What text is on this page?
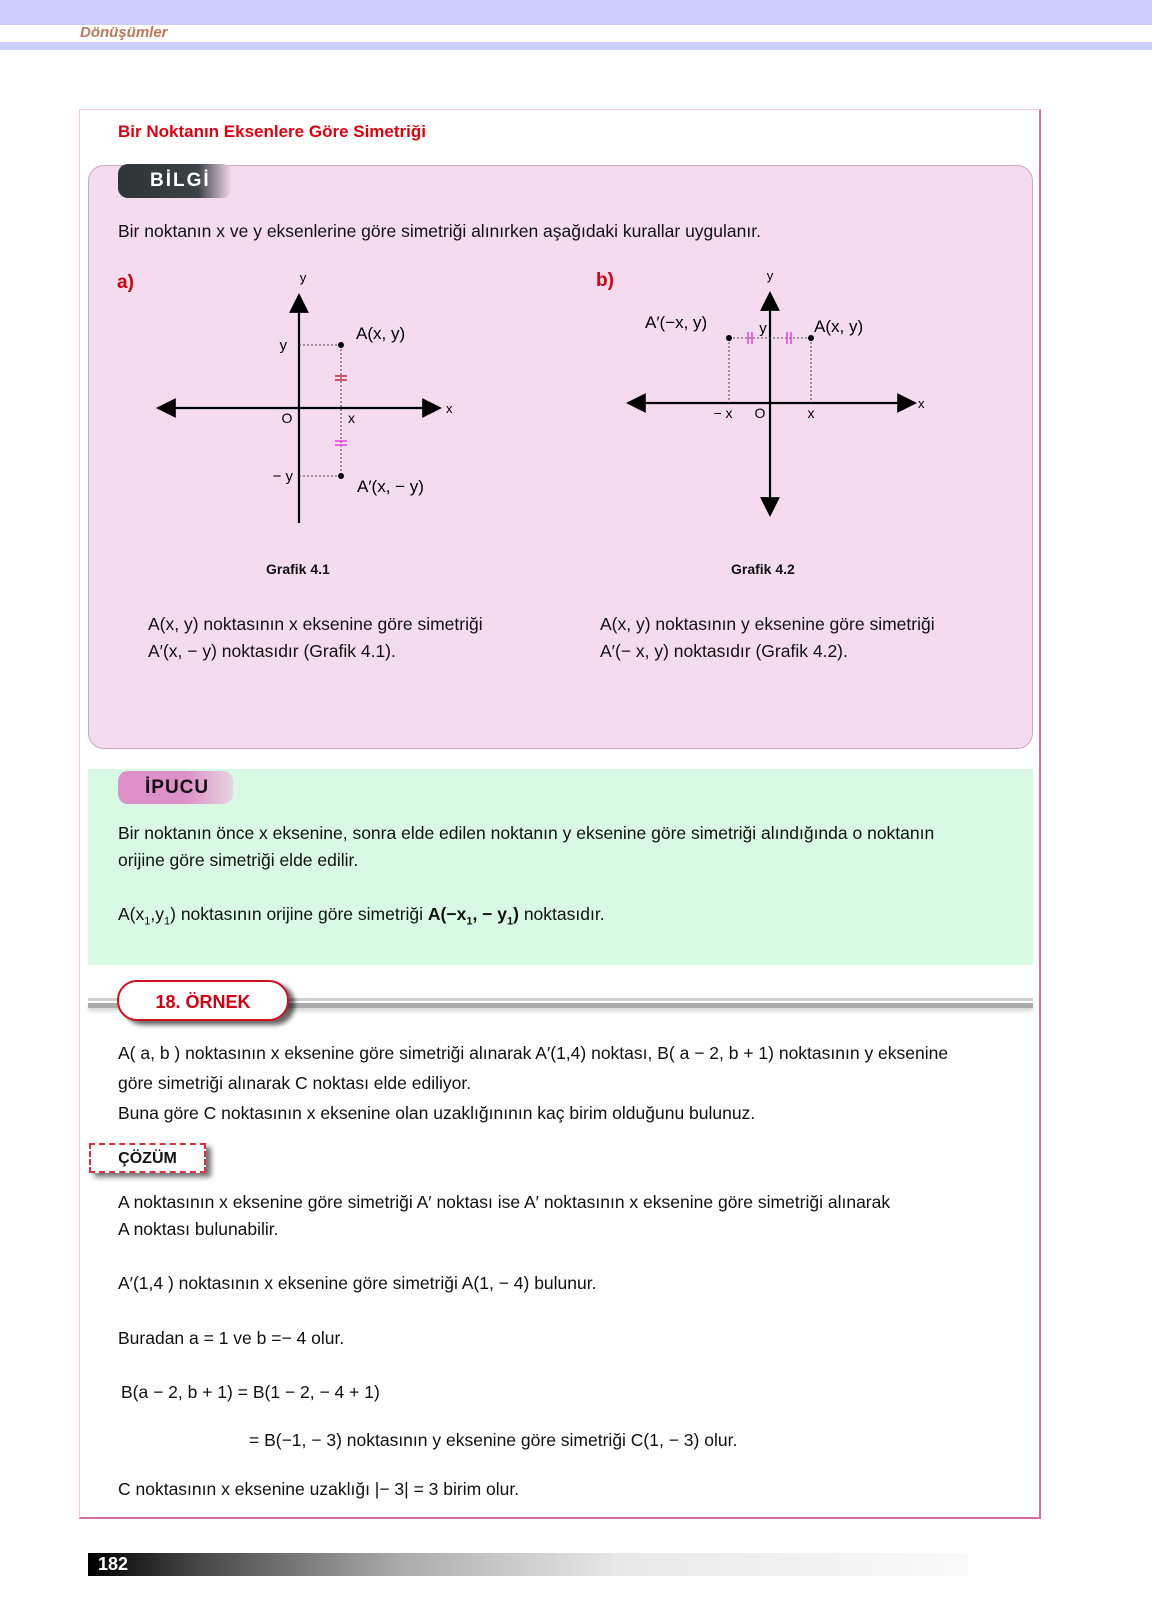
Dönüşümler
Bir Noktanın Eksenlere Göre Simetriği
BİLGİ
Bir noktanın x ve y eksenlerine göre simetriği alınırken aşağıdaki kurallar uygulanır.
a)	b)
y
x
O	x
y
− y
A(x, y)
A′(x, − y)
Grafik 4.1
y
x
O	x
− x
y	A(x, y)
A′(−x, y)
Grafik 4.2
A(x, y) noktasının x eksenine göre simetriği
A′(x, − y) noktasıdır (Grafik 4.1).
A(x, y) noktasının y eksenine göre simetriği
A′(− x, y) noktasıdır (Grafik 4.2).
İPUCU
Bir noktanın önce x eksenine, sonra elde edilen noktanın y eksenine göre simetriği alındığında o noktanın
orijine göre simetriği elde edilir.
$A(x_1,y_1)$ noktasının orijine göre simetriği $A(-x_1$, − $y_1$) noktasıdır.
18. ÖRNEK
A( a, b ) noktasının x eksenine göre simetriği alınarak A′(1,4) noktası, B( a − 2, b + 1) noktasının y eksenine
göre simetriği alınarak C noktası elde ediliyor.
Buna göre C noktasının x eksenine olan uzaklığınının kaç birim olduğunu bulunuz.
ÇÖZÜM
A noktasının x eksenine göre simetriği A′ noktası ise A′ noktasının x eksenine göre simetriği alınarak
A noktası bulunabilir.
A′(1,4 ) noktasının x eksenine göre simetriği A(1, − 4) bulunur.
Buradan a = 1 ve b =− 4 olur.
B(a − 2, b + 1) = B(1 − 2, − 4 + 1)
= B(−1, − 3) noktasının y eksenine göre simetriği C(1, − 3) olur.
C noktasının x eksenine uzaklığı |− 3| = 3 birim olur.
182
